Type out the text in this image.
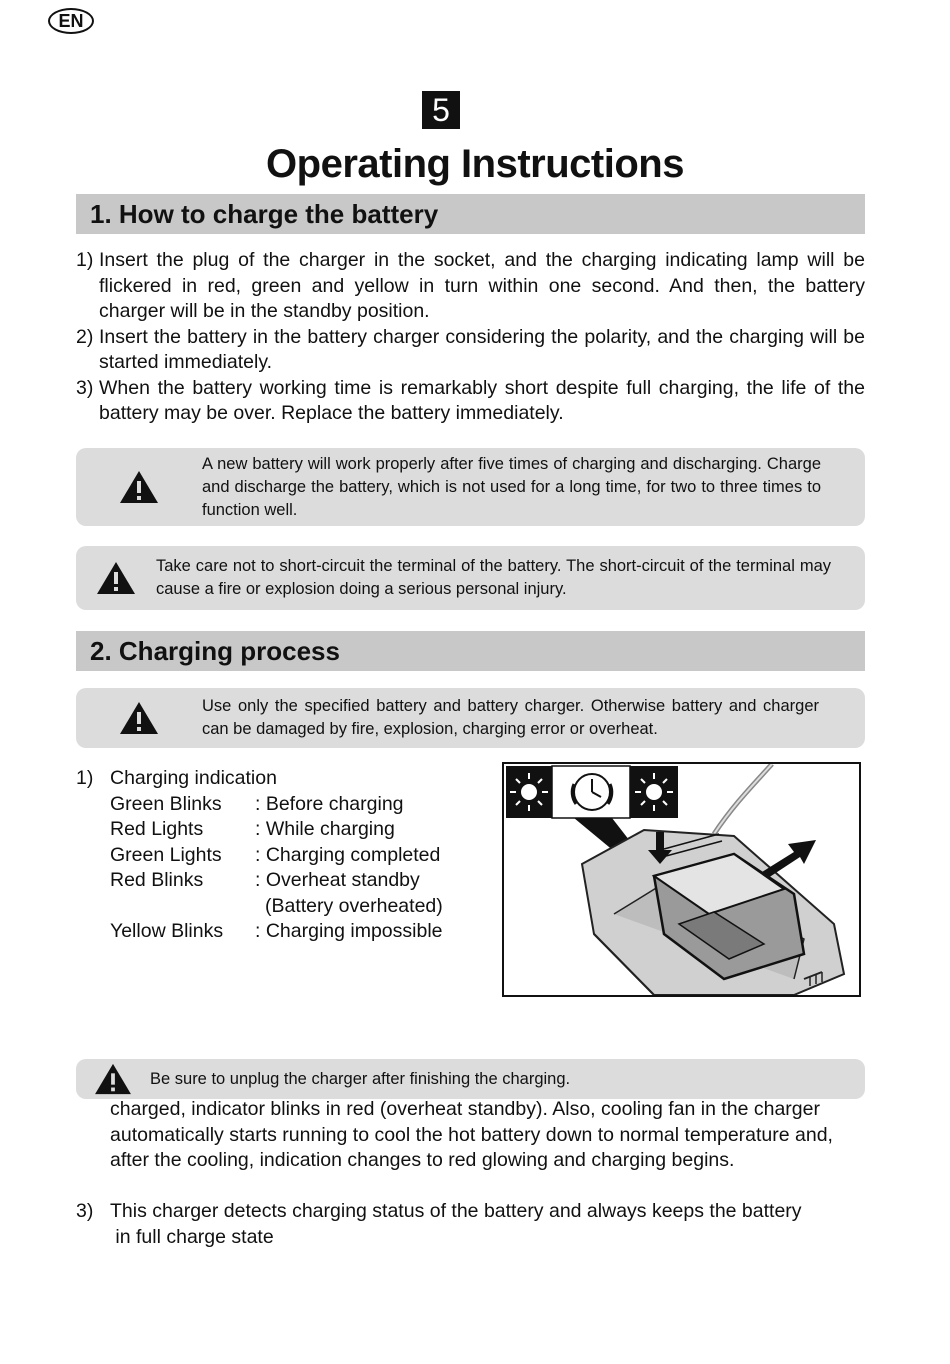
EN
5
Operating Instructions
1. How to charge the battery
1) Insert the plug of the charger in the socket, and the charging indicating lamp will be flickered in red, green and yellow in turn within one second. And then, the battery charger will be in the standby position.
2) Insert the battery in the battery charger considering the polarity, and the charging will be started immediately.
3) When the battery working time is remarkably short despite full charging, the life of the battery may be over. Replace the battery immediately.
A new battery will work properly after five times of charging and discharging. Charge and discharge the battery, which is not used for a long time, for two to three times to function well.
Take care not to short-circuit the terminal of the battery. The short-circuit of the terminal may cause a fire or explosion doing a serious personal injury.
2. Charging process
Use only the specified battery and battery charger. Otherwise battery and charger can be damaged by fire, explosion, charging error or overheat.
1) Charging indication
Green Blinks	: Before charging
Red Lights	: While charging
Green Lights	: Charging completed
Red Blinks	: Overheat standby
(Battery overheated)
Yellow Blinks	: Charging impossible
Be sure to unplug the charger after finishing the charging.
charged, indicator blinks in red (overheat standby). Also, cooling fan in the charger
automatically starts running to cool the hot battery down to normal temperature and,
after the cooling, indication changes to red glowing and charging begins.
3) This charger detects charging status of the battery and always keeps the battery
in full charge state
